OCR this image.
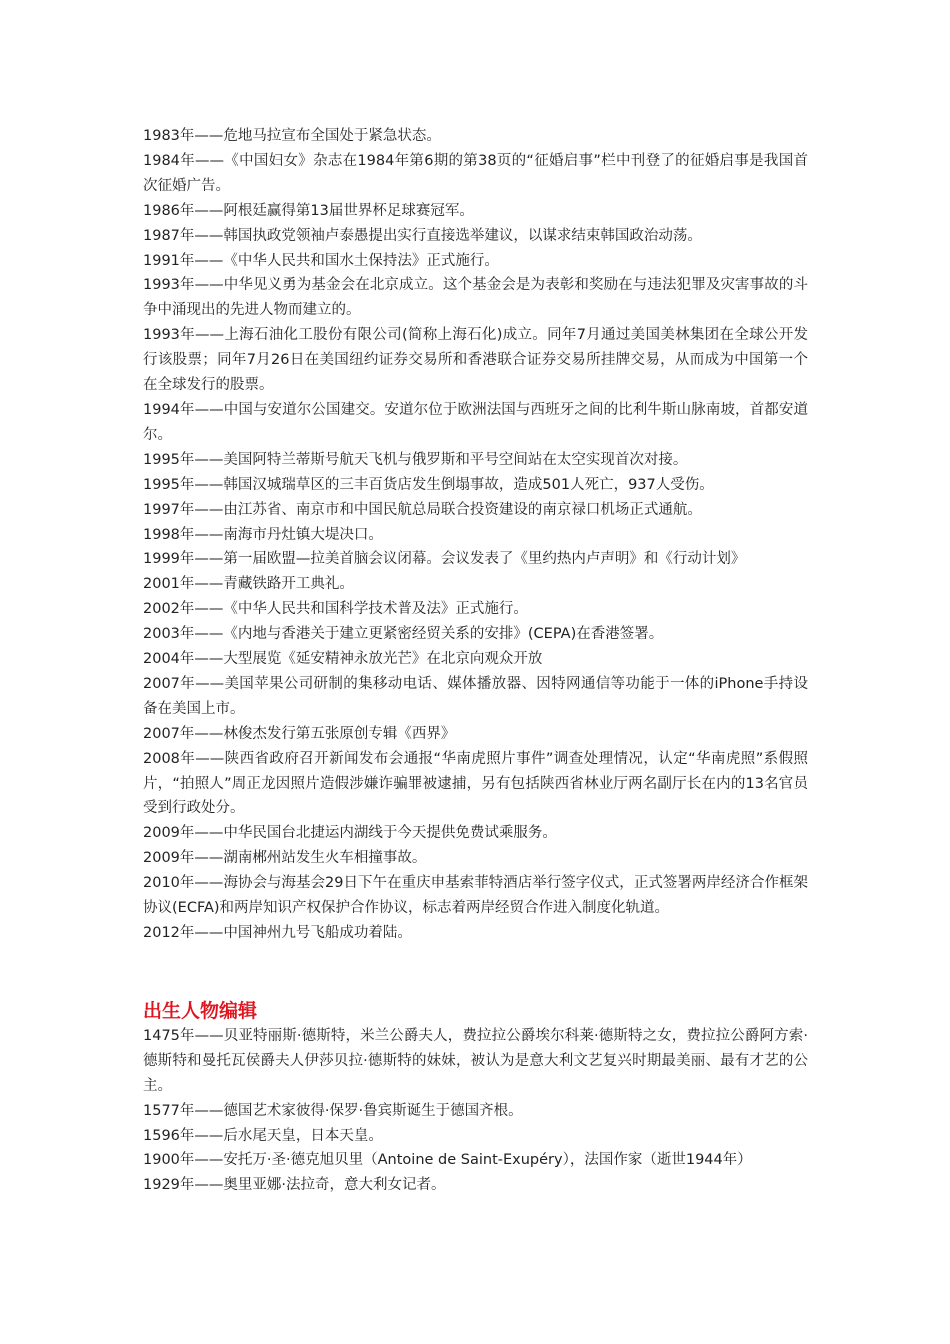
1983年——危地马拉宣布全国处于紧急状态。

1984年——《中国妇女》杂志在1984年第6期的第38页的“征婚启事”栏中刊登了的征婚启事是我国首次征婚广告。

1986年——阿根廷赢得第13届世界杯足球赛冠军。

1987年——韩国执政党领袖卢泰愚提出实行直接选举建议，以谋求结束韩国政治动荡。

1991年——《中华人民共和国水土保持法》正式施行。

1993年——中华见义勇为基金会在北京成立。这个基金会是为表彰和奖励在与违法犯罪及灾害事故的斗争中涌现出的先进人物而建立的。

1993年——上海石油化工股份有限公司(简称上海石化)成立。同年7月通过美国美林集团在全球公开发行该股票；同年7月26日在美国纽约证券交易所和香港联合证券交易所挂牌交易，从而成为中国第一个在全球发行的股票。

1994年——中国与安道尔公国建交。安道尔位于欧洲法国与西班牙之间的比利牛斯山脉南坡，首都安道尔。

1995年——美国阿特兰蒂斯号航天飞机与俄罗斯和平号空间站在太空实现首次对接。

1995年——韩国汉城瑞草区的三丰百货店发生倒塌事故，造成501人死亡，937人受伤。

1997年——由江苏省、南京市和中国民航总局联合投资建设的南京禄口机场正式通航。

1998年——南海市丹灶镇大堤决口。

1999年——第一届欧盟—拉美首脑会议闭幕。会议发表了《里约热内卢声明》和《行动计划》

2001年——青藏铁路开工典礼。

2002年——《中华人民共和国科学技术普及法》正式施行。

2003年——《内地与香港关于建立更紧密经贸关系的安排》(CEPA)在香港签署。

2004年——大型展览《延安精神永放光芒》在北京向观众开放

2007年——美国苹果公司研制的集移动电话、媒体播放器、因特网通信等功能于一体的iPhone手持设备在美国上市。

2007年——林俊杰发行第五张原创专辑《西界》

2008年——陕西省政府召开新闻发布会通报“华南虎照片事件”调查处理情况，认定“华南虎照”系假照片，“拍照人”周正龙因照片造假涉嫌诈骗罪被逮捕，另有包括陕西省林业厅两名副厅长在内的13名官员受到行政处分。

2009年——中华民国台北捷运内湖线于今天提供免费试乘服务。

2009年——湖南郴州站发生火车相撞事故。

2010年——海协会与海基会29日下午在重庆申基索菲特酒店举行签字仪式，正式签署两岸经济合作框架协议(ECFA)和两岸知识产权保护合作协议，标志着两岸经贸合作进入制度化轨道。

2012年——中国神州九号飞船成功着陆。

出生人物编辑

1475年——贝亚特丽斯·德斯特，米兰公爵夫人，费拉拉公爵埃尔科莱·德斯特之女，费拉拉公爵阿方索·德斯特和曼托瓦侯爵夫人伊莎贝拉·德斯特的妹妹，被认为是意大利文艺复兴时期最美丽、最有才艺的公主。

1577年——德国艺术家彼得·保罗·鲁宾斯诞生于德国齐根。

1596年——后水尾天皇，日本天皇。

1900年——安托万·圣·德克旭贝里（Antoine de Saint-Exupéry），法国作家（逝世1944年）

1929年——奥里亚娜·法拉奇，意大利女记者。
